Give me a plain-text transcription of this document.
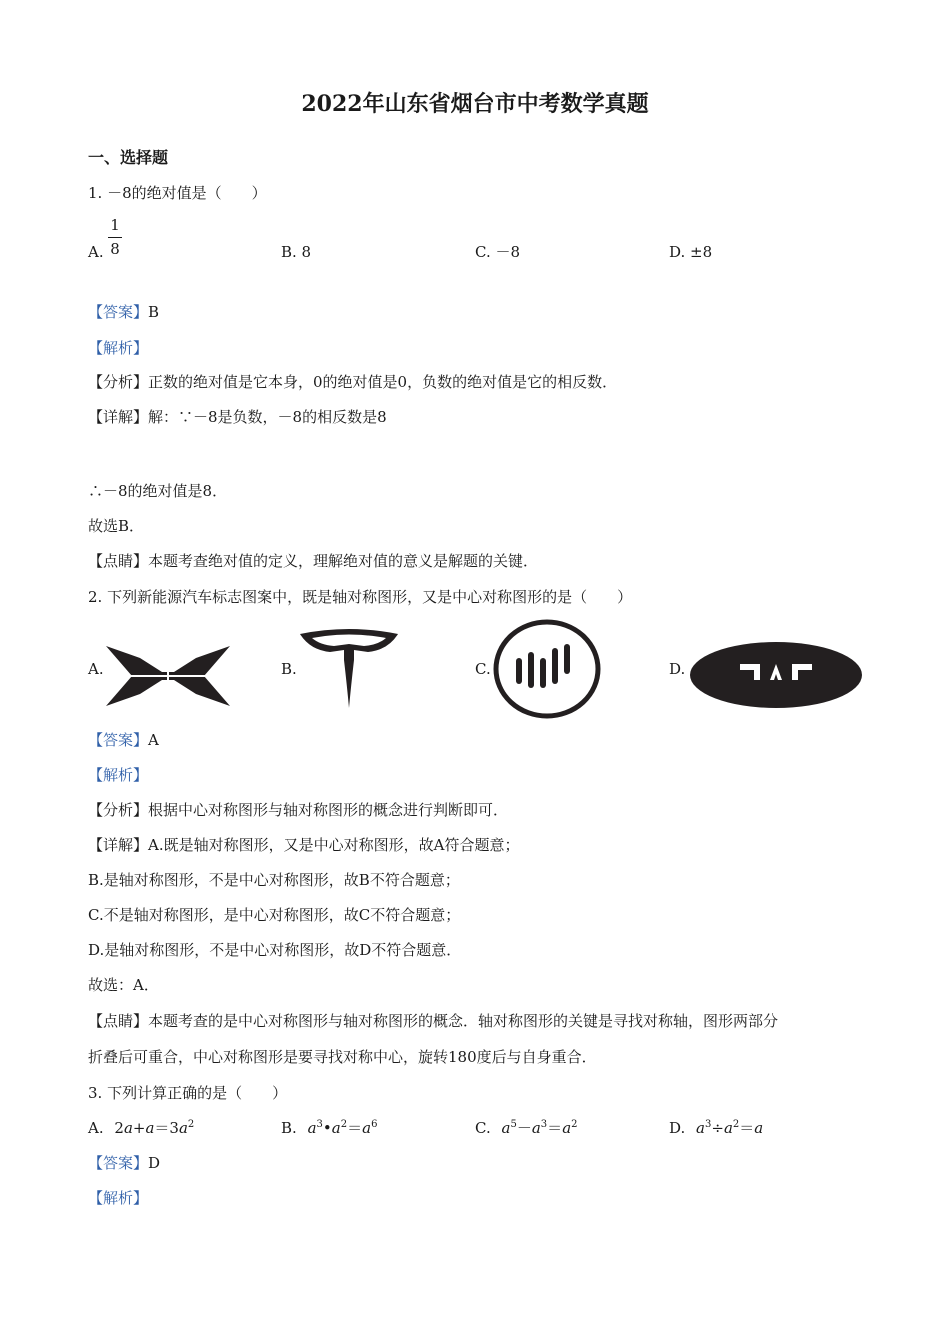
2022年山东省烟台市中考数学真题
一、选择题
1. －8的绝对值是（　　）
A.
1
8	B. 8	C. －8	D. ±8
【答案】B
【解析】
【分析】正数的绝对值是它本身，0的绝对值是0，负数的绝对值是它的相反数．
【详解】解：∵－8是负数，－8的相反数是8
∴－8的绝对值是8．
故选B．
【点睛】本题考查绝对值的定义，理解绝对值的意义是解题的关键．
2. 下列新能源汽车标志图案中，既是轴对称图形，又是中心对称图形的是（　　）
A.	B.	C.	D.
【答案】A
【解析】
【分析】根据中心对称图形与轴对称图形的概念进行判断即可．
【详解】A.既是轴对称图形，又是中心对称图形，故A符合题意；
B.是轴对称图形，不是中心对称图形，故B不符合题意；
C.不是轴对称图形，是中心对称图形，故C不符合题意；
D.是轴对称图形，不是中心对称图形，故D不符合题意．
故选：A．
【点睛】本题考查的是中心对称图形与轴对称图形的概念．轴对称图形的关键是寻找对称轴，图形两部分
折叠后可重合，中心对称图形是要寻找对称中心，旋转180度后与自身重合．
3. 下列计算正确的是（　　）
A. $2a+a=3a^2$	B. $a^3•a^2=a^6$	C. $a^5-a^3=a^2$	D. $a^3\div a^2=a$
【答案】D
【解析】
